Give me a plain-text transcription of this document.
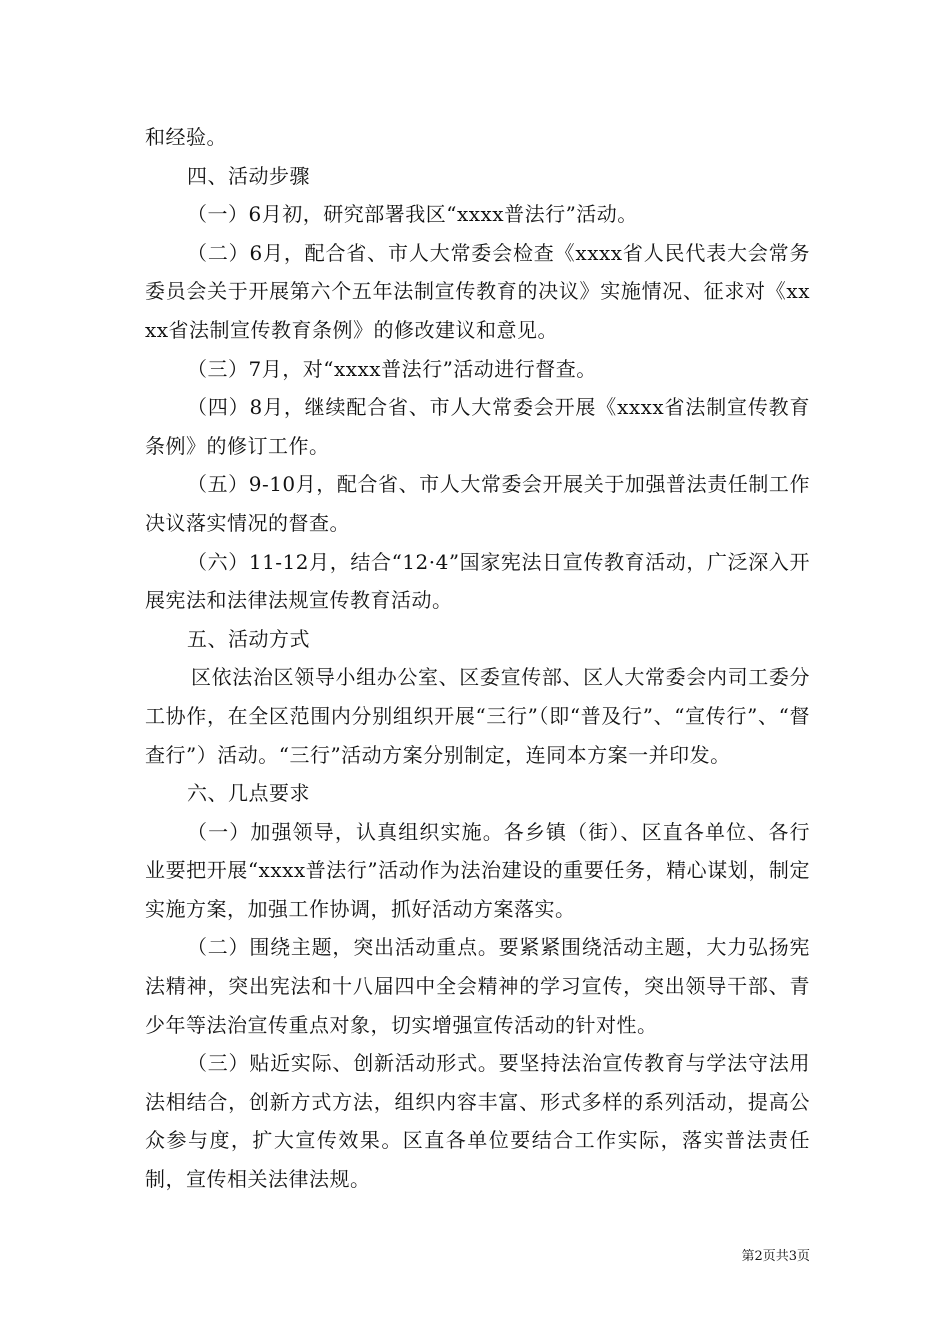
和经验。

四、活动步骤

（一）6月初，研究部署我区“xxxx普法行”活动。

（二）6月，配合省、市人大常委会检查《xxxx省人民代表大会常务委员会关于开展第六个五年法制宣传教育的决议》实施情况、征求对《xxxx省法制宣传教育条例》的修改建议和意见。

（三）7月，对“xxxx普法行”活动进行督查。

（四）8月，继续配合省、市人大常委会开展《xxxx省法制宣传教育条例》的修订工作。

（五）9-10月，配合省、市人大常委会开展关于加强普法责任制工作决议落实情况的督查。

（六）11-12月，结合“12·4”国家宪法日宣传教育活动，广泛深入开展宪法和法律法规宣传教育活动。

五、活动方式

区依法治区领导小组办公室、区委宣传部、区人大常委会内司工委分工协作，在全区范围内分别组织开展“三行”（即“普及行”、“宣传行”、“督查行”）活动。“三行”活动方案分别制定，连同本方案一并印发。

六、几点要求

（一）加强领导，认真组织实施。各乡镇（街）、区直各单位、各行业要把开展“xxxx普法行”活动作为法治建设的重要任务，精心谋划，制定实施方案，加强工作协调，抓好活动方案落实。

（二）围绕主题，突出活动重点。要紧紧围绕活动主题，大力弘扬宪法精神，突出宪法和十八届四中全会精神的学习宣传，突出领导干部、青少年等法治宣传重点对象，切实增强宣传活动的针对性。

（三）贴近实际、创新活动形式。要坚持法治宣传教育与学法守法用法相结合，创新方式方法，组织内容丰富、形式多样的系列活动，提高公众参与度，扩大宣传效果。区直各单位要结合工作实际，落实普法责任制，宣传相关法律法规。

第2页共3页
